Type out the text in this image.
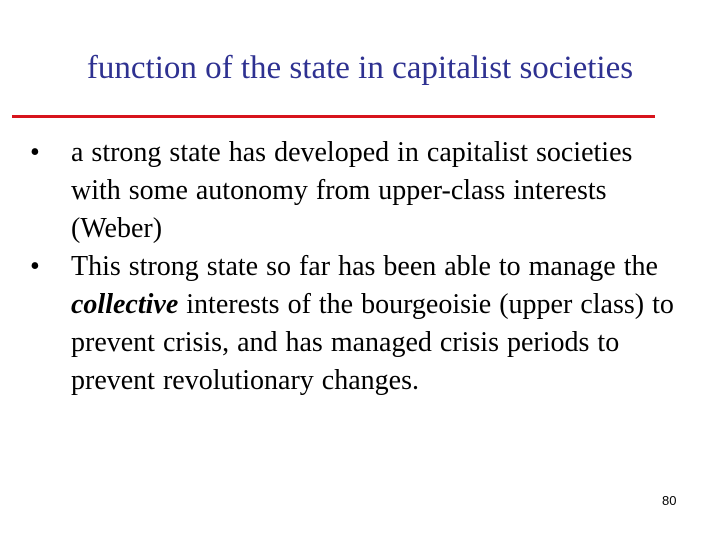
function of the state in capitalist societies
•	a strong state has developed in capitalist societies with some autonomy from upper-class interests (Weber)
•	This strong state so far has been able to manage the collective interests of the bourgeoisie (upper class) to prevent crisis, and has managed crisis periods to prevent revolutionary changes.
80
